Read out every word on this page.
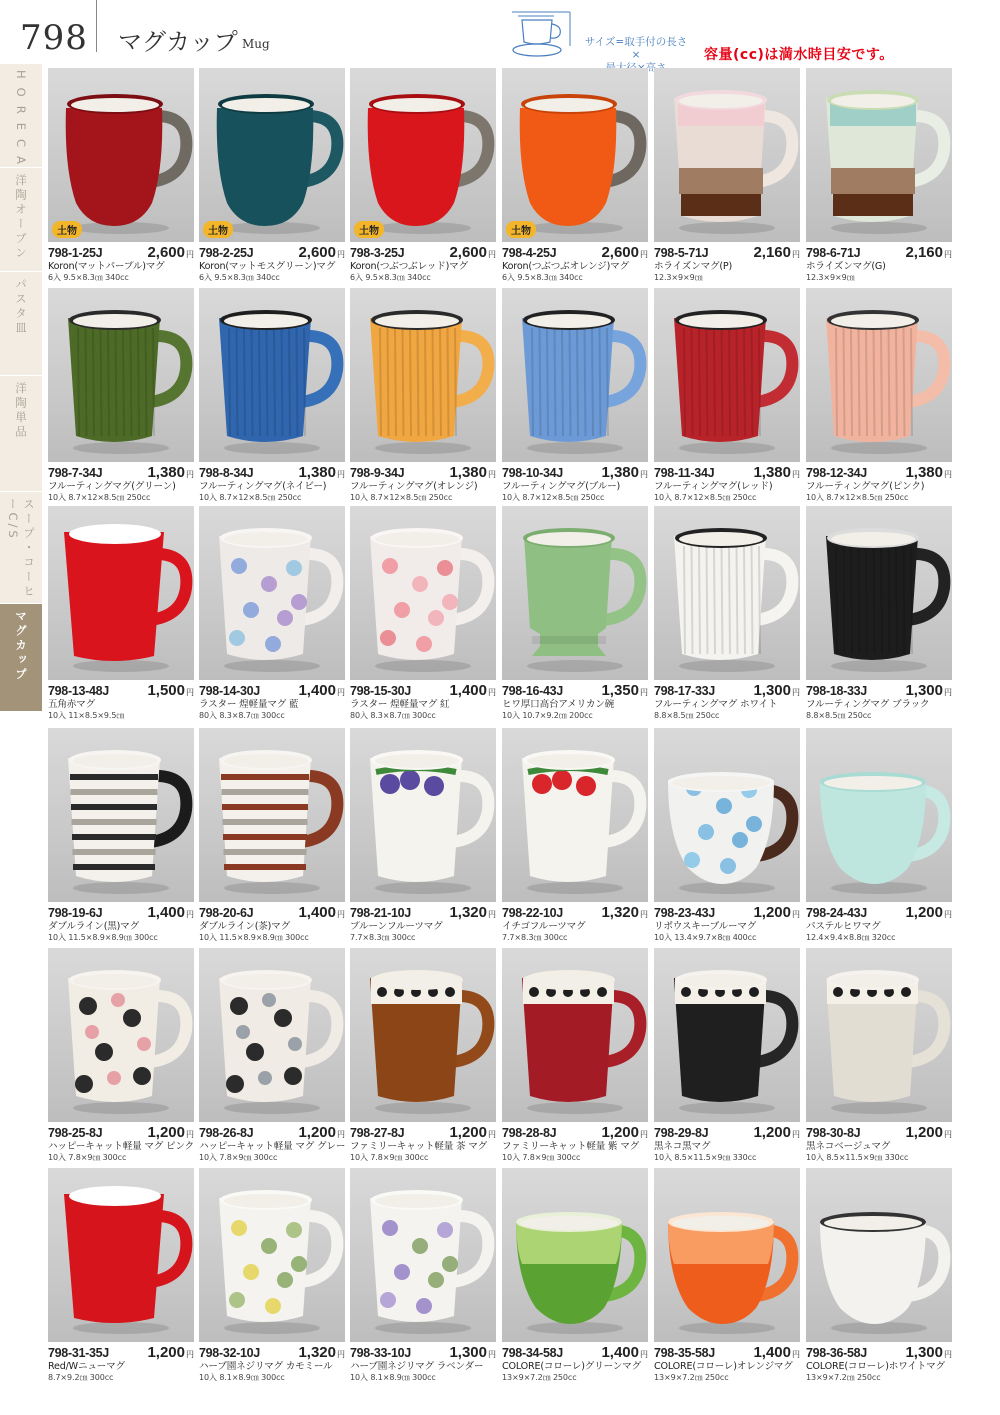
798 マグカップ Mug	サイズ=取手付の長さ×	容量(cc)は満水時目安です。
HORECA
洋陶オーブン
パスタ皿
洋陶単品
スープ・コーヒーC/S
マグカップ
土物
798-1-25J	2,600円
Koron(マットパープル)マグ
6入 9.5×8.3㎝ 340cc
土物
798-2-25J	2,600円
Koron(マットモスグリーン)マグ
6入 9.5×8.3㎝ 340cc
土物
798-3-25J	2,600円
Koron(つぶつぶレッド)マグ
6入 9.5×8.3㎝ 340cc
土物
798-4-25J	2,600円
Koron(つぶつぶオレンジ)マグ
6入 9.5×8.3㎝ 340cc
798-5-71J	2,160円
ホライズンマグ(P)
12.3×9×9㎝
798-6-71J	2,160円
ホライズンマグ(G)
12.3×9×9㎝
798-7-34J	1,380円
フルーティングマグ(グリーン)
10入 8.7×12×8.5㎝ 250cc
798-8-34J	1,380円
フルーティングマグ(ネイビー)
10入 8.7×12×8.5㎝ 250cc
798-9-34J	1,380円
フルーティングマグ(オレンジ)
10入 8.7×12×8.5㎝ 250cc
798-10-34J	1,380円
フルーティングマグ(ブルー)
10入 8.7×12×8.5㎝ 250cc
798-11-34J	1,380円
フルーティングマグ(レッド)
10入 8.7×12×8.5㎝ 250cc
798-12-34J	1,380円
フルーティングマグ(ピンク)
10入 8.7×12×8.5㎝ 250cc
798-13-48J	1,500円
五角赤マグ
10入 11×8.5×9.5㎝
798-14-30J	1,400円
ラスター 煌軽量マグ 藍
80入 8.3×8.7㎝ 300cc
798-15-30J	1,400円
ラスター 煌軽量マグ 紅
80入 8.3×8.7㎝ 300cc
798-16-43J	1,350円
ヒワ厚口高台アメリカン碗
10入 10.7×9.2㎝ 200cc
798-17-33J	1,300円
フルーティングマグ ホワイト
8.8×8.5㎝ 250cc
798-18-33J	1,300円
フルーティングマグ ブラック
8.8×8.5㎝ 250cc
798-19-6J	1,400円
ダブルライン(黒)マグ
10入 11.5×8.9×8.9㎝ 300cc
798-20-6J	1,400円
ダブルライン(茶)マグ
10入 11.5×8.9×8.9㎝ 300cc
798-21-10J	1,320円
プルーンフルーツマグ
7.7×8.3㎝ 300cc
798-22-10J	1,320円
イチゴフルーツマグ
7.7×8.3㎝ 300cc
798-23-43J	1,200円
リボウスキーブルーマグ
10入 13.4×9.7×8㎝ 400cc
798-24-43J	1,200円
パステルヒワマグ
12.4×9.4×8.8㎝ 320cc
798-25-8J	1,200円
ハッピーキャット軽量 マグ ピンク
10入 7.8×9㎝ 300cc
798-26-8J	1,200円
ハッピーキャット軽量 マグ グレー
10入 7.8×9㎝ 300cc
798-27-8J	1,200円
ファミリーキャット軽量 茶 マグ
10入 7.8×9㎝ 300cc
798-28-8J	1,200円
ファミリーキャット軽量 紫 マグ
10入 7.8×9㎝ 300cc
798-29-8J	1,200円
黒ネコ黒マグ
10入 8.5×11.5×9㎝ 330cc
798-30-8J	1,200円
黒ネコベージュマグ
10入 8.5×11.5×9㎝ 330cc
798-31-35J	1,200円
Red/Wニューマグ
8.7×9.2㎝ 300cc
798-32-10J	1,320円
ハーブ園ネジリマグ カモミール
10入 8.1×8.9㎝ 300cc
798-33-10J	1,300円
ハーブ園ネジリマグ ラベンダー
10入 8.1×8.9㎝ 300cc
798-34-58J	1,400円
COLORE(コローレ)グリーンマグ
13×9×7.2㎝ 250cc
798-35-58J	1,400円
COLORE(コローレ)オレンジマグ
13×9×7.2㎝ 250cc
798-36-58J	1,300円
COLORE(コローレ)ホワイトマグ
13×9×7.2㎝ 250cc
